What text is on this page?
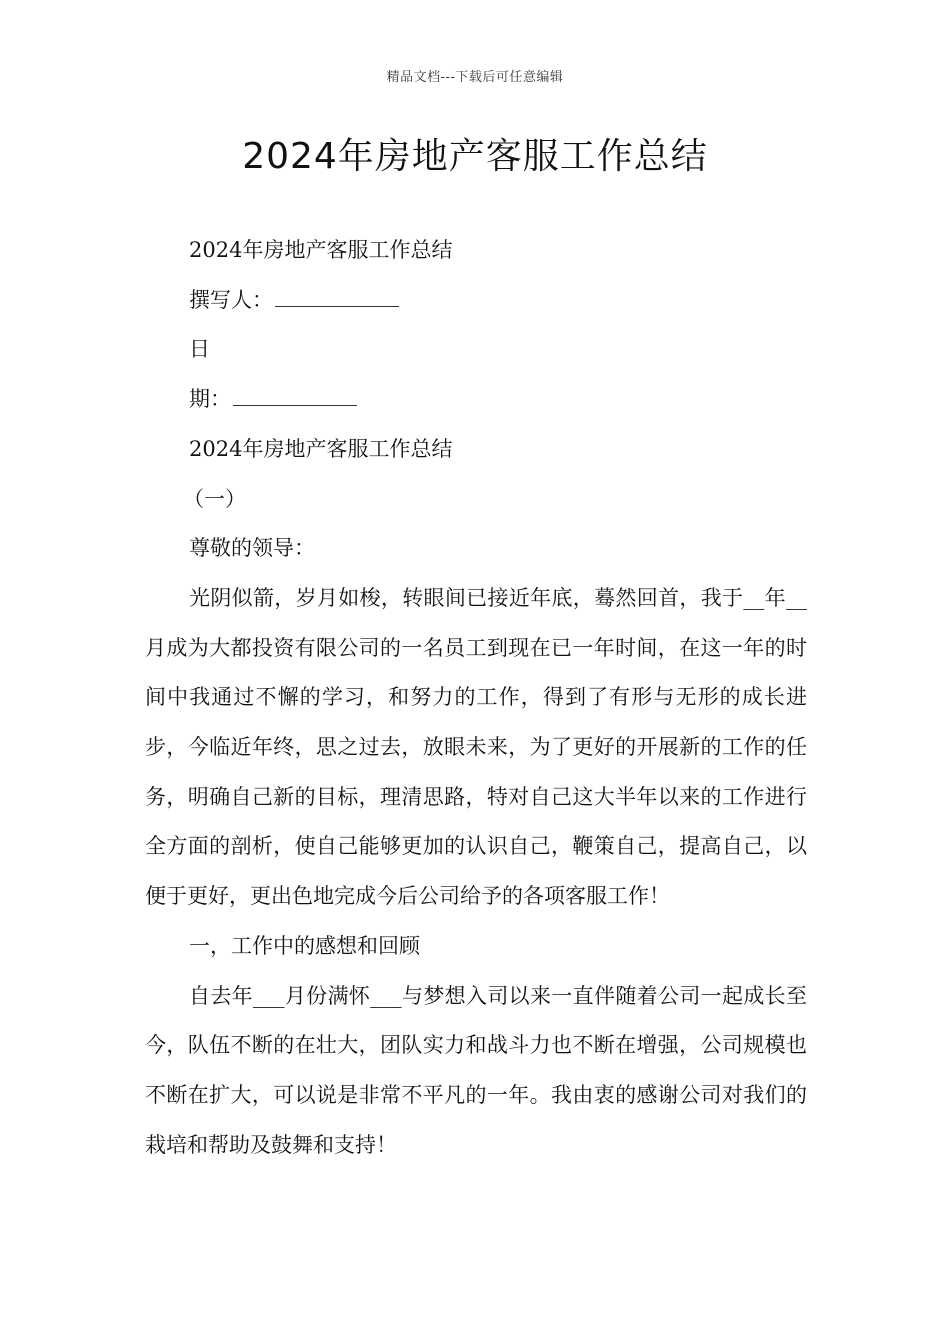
精品文档---下载后可任意编辑
2024年房地产客服工作总结

2024年房地产客服工作总结

撰写人：

日

期：

2024年房地产客服工作总结

（一）

尊敬的领导：

光阴似箭，岁月如梭，转眼间已接近年底，蓦然回首，我于__年__月成为大都投资有限公司的一名员工到现在已一年时间，在这一年的时间中我通过不懈的学习，和努力的工作，得到了有形与无形的成长进步，今临近年终，思之过去，放眼未来，为了更好的开展新的工作的任务，明确自己新的目标，理清思路，特对自己这大半年以来的工作进行全方面的剖析，使自己能够更加的认识自己，鞭策自己，提高自己，以便于更好，更出色地完成今后公司给予的各项客服工作！

一，工作中的感想和回顾

自去年___月份满怀___与梦想入司以来一直伴随着公司一起成长至今，队伍不断的在壮大，团队实力和战斗力也不断在增强，公司规模也不断在扩大，可以说是非常不平凡的一年。我由衷的感谢公司对我们的栽培和帮助及鼓舞和支持！
